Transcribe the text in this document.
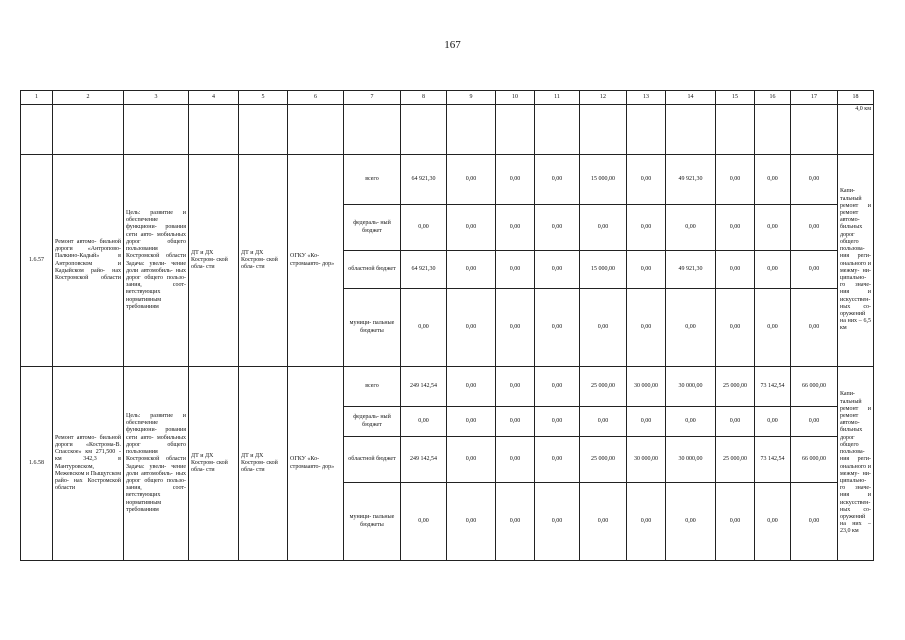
167
1	2	3	4	5	6	7	8	9	10	11	12	13	14	15	16	17	18
																	4,0 км
1.6.57	Ремонт автомо- бильной дороги «Антропово- Палкино-Кадый» в Антроповском и Кадыйском райо- нах Костромской области	Цель: развитие и обеспечение функциони- рования сети авто- мобильных дорог общего пользования Костромской области Задача: увели- чение доли автомобиль- ных дорог общего пользо- зания, соот- ветствующих нормативным требованиям	ДТ и ДХ Костром- ской обла- сти	ДТ и ДХ Костром- ской обла- сти	ОГКУ «Ко- стромаавто- дор»	всего	64 921,30	0,00	0,00	0,00	15 000,00	0,00	49 921,30	0,00	0,00	0,00	Капи- тальный ремонт и ремонт автомо- бильных дорог общего пользова- ния реги- онального и межму- ни- ципально- го значе- ния и искусствен- ных со- оружений на них – 6,5 км
						федераль- ный бюджет	0,00	0,00	0,00	0,00	0,00	0,00	0,00	0,00	0,00	0,00	
						областной бюджет	64 921,30	0,00	0,00	0,00	15 000,00	0,00	49 921,30	0,00	0,00	0,00	
						муници- пальные бюджеты	0,00	0,00	0,00	0,00	0,00	0,00	0,00	0,00	0,00	0,00	
1.6.58	Ремонт автомо- бильной дороги «Кострома-В. Спасское» км 271,500 - км 342,3 в Мантуровском, Межевском и Пыщугском райо- нах Костромской области	Цель: развитие и обеспечение функциони- рования сети авто- мобильных дорог общего пользования Костромской области Задача: увели- чение доли автомобиль- ных дорог общего пользо- зания, соот- ветствующих нормативным требованиям	ДТ и ДХ Костром- ской обла- сти	ДТ и ДХ Костром- ской обла- сти	ОГКУ «Ко- стромаавто- дор»	всего	249 142,54	0,00	0,00	0,00	25 000,00	30 000,00	30 000,00	25 000,00	73 142,54	66 000,00	Капи- тальный ремонт и ремонт автомо- бильных дорог общего пользова- ния реги- онального и межму- ни- ципально- го значе- ния и искусствен- ных со- оружений на них – 23,0 км
						федераль- ный бюджет	0,00	0,00	0,00	0,00	0,00	0,00	0,00	0,00	0,00	0,00	
						областной бюджет	249 142,54	0,00	0,00	0,00	25 000,00	30 000,00	30 000,00	25 000,00	73 142,54	66 000,00	
						муници- пальные бюджеты	0,00	0,00	0,00	0,00	0,00	0,00	0,00	0,00	0,00	0,00	
